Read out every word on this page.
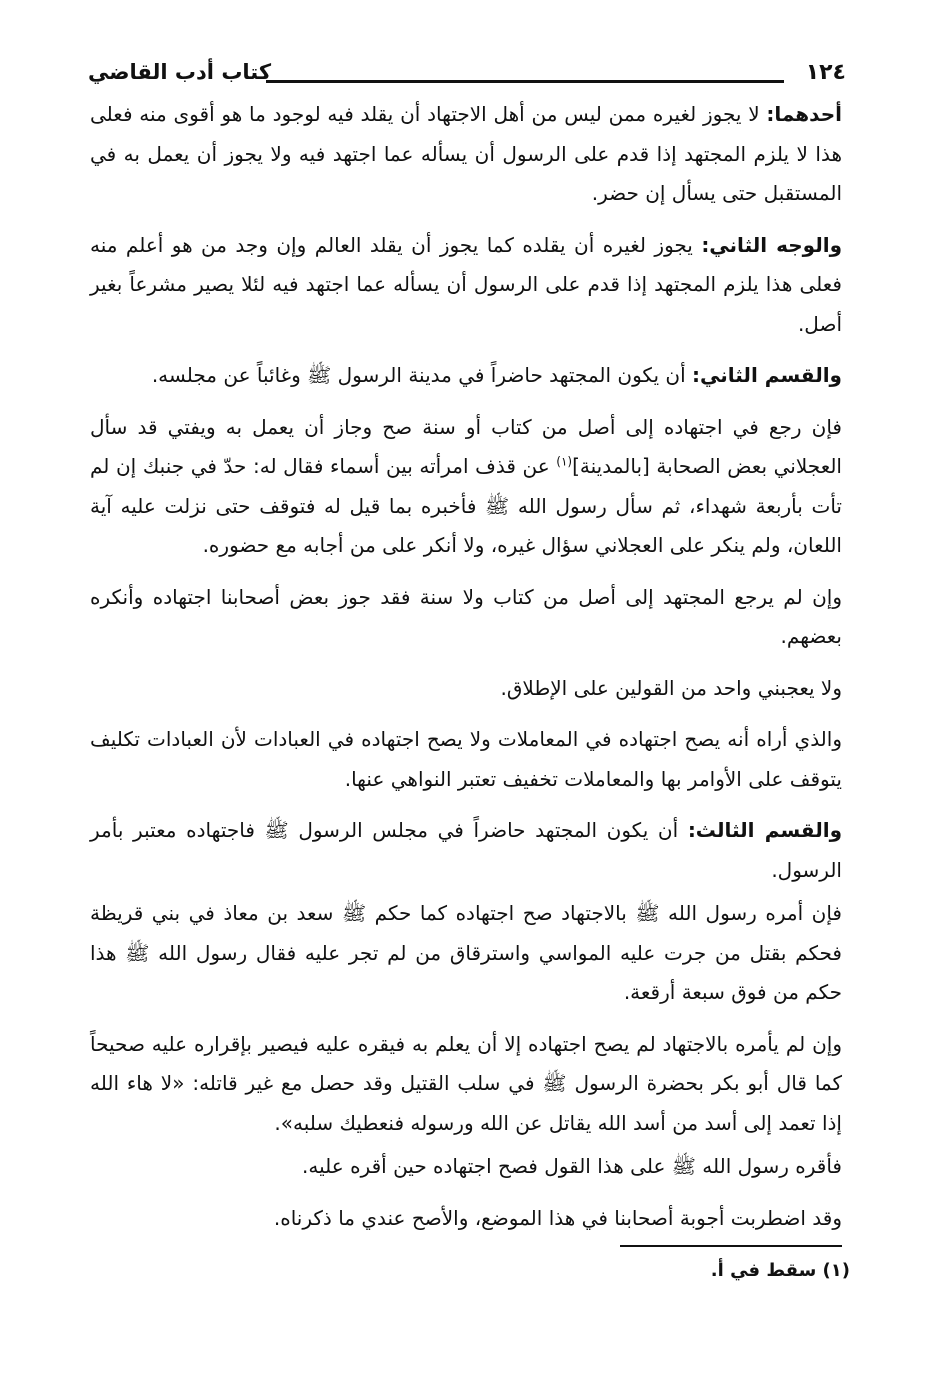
١٢٤
كتاب أدب القاضي

أحدهما: لا يجوز لغيره ممن ليس من أهل الاجتهاد أن يقلد فيه لوجود ما هو أقوى منه فعلى هذا لا يلزم المجتهد إذا قدم على الرسول أن يسأله عما اجتهد فيه ولا يجوز أن يعمل به في المستقبل حتى يسأل إن حضر.

والوجه الثاني: يجوز لغيره أن يقلده كما يجوز أن يقلد العالم وإن وجد من هو أعلم منه فعلى هذا يلزم المجتهد إذا قدم على الرسول أن يسأله عما اجتهد فيه لئلا يصير مشرعاً بغير أصل.

والقسم الثاني: أن يكون المجتهد حاضراً في مدينة الرسول ﷺ وغائباً عن مجلسه.

فإن رجع في اجتهاده إلى أصل من كتاب أو سنة صح وجاز أن يعمل به ويفتي قد سأل العجلاني بعض الصحابة [بالمدينة]$^{(١)}$ عن قذف امرأته بين أسماء فقال له: حدّ في جنبك إن لم تأت بأربعة شهداء، ثم سأل رسول الله ﷺ فأخبره بما قيل له فتوقف حتى نزلت عليه آية اللعان، ولم ينكر على العجلاني سؤال غيره، ولا أنكر على من أجابه مع حضوره.

وإن لم يرجع المجتهد إلى أصل من كتاب ولا سنة فقد جوز بعض أصحابنا اجتهاده وأنكره بعضهم.

ولا يعجبني واحد من القولين على الإطلاق.

والذي أراه أنه يصح اجتهاده في المعاملات ولا يصح اجتهاده في العبادات لأن العبادات تكليف يتوقف على الأوامر بها والمعاملات تخفيف تعتبر النواهي عنها.

والقسم الثالث: أن يكون المجتهد حاضراً في مجلس الرسول ﷺ فاجتهاده معتبر بأمر الرسول.

فإن أمره رسول الله ﷺ بالاجتهاد صح اجتهاده كما حكم ﷺ سعد بن معاذ في بني قريظة فحكم بقتل من جرت عليه المواسي واسترقاق من لم تجر عليه فقال رسول الله ﷺ هذا حكم من فوق سبعة أرقعة.

وإن لم يأمره بالاجتهاد لم يصح اجتهاده إلا أن يعلم به فيقره عليه فيصير بإقراره عليه صحيحاً كما قال أبو بكر بحضرة الرسول ﷺ في سلب القتيل وقد حصل مع غير قاتله: «لا هاء الله إذا تعمد إلى أسد من أسد الله يقاتل عن الله ورسوله فنعطيك سلبه».

فأقره رسول الله ﷺ على هذا القول فصح اجتهاده حين أقره عليه.

وقد اضطربت أجوبة أصحابنا في هذا الموضع، والأصح عندي ما ذكرناه.

(١) سقط في أ.
